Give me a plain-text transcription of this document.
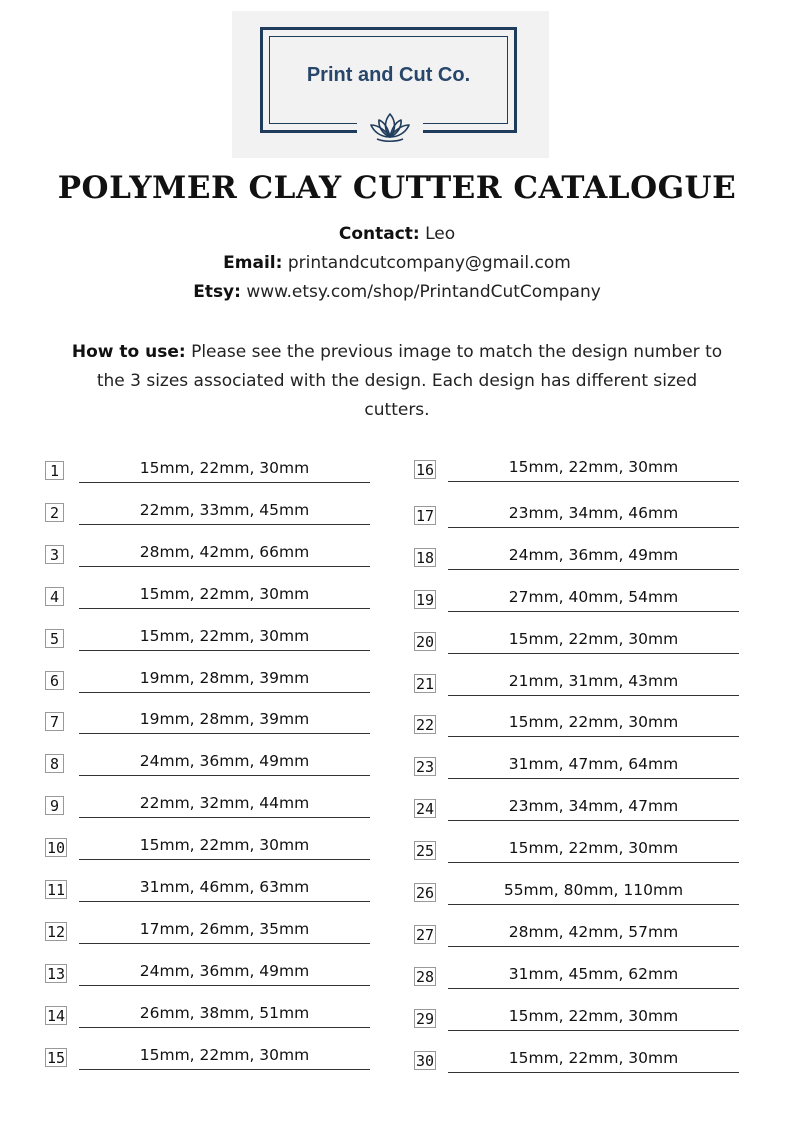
Print and Cut Co.
POLYMER CLAY CUTTER CATALOGUE
Contact: Leo
Email: printandcutcompany@gmail.com
Etsy: www.etsy.com/shop/PrintandCutCompany
How to use: Please see the previous image to match the design number to the 3 sizes associated with the design. Each design has different sized cutters.
1	15mm, 22mm, 30mm
2	22mm, 33mm, 45mm
3	28mm, 42mm, 66mm
4	15mm, 22mm, 30mm
5	15mm, 22mm, 30mm
6	19mm, 28mm, 39mm
7	19mm, 28mm, 39mm
8	24mm, 36mm, 49mm
9	22mm, 32mm, 44mm
10	15mm, 22mm, 30mm
11	31mm, 46mm, 63mm
12	17mm, 26mm, 35mm
13	24mm, 36mm, 49mm
14	26mm, 38mm, 51mm
15	15mm, 22mm, 30mm
16	15mm, 22mm, 30mm
17	23mm, 34mm, 46mm
18	24mm, 36mm, 49mm
19	27mm, 40mm, 54mm
20	15mm, 22mm, 30mm
21	21mm, 31mm, 43mm
22	15mm, 22mm, 30mm
23	31mm, 47mm, 64mm
24	23mm, 34mm, 47mm
25	15mm, 22mm, 30mm
26	55mm, 80mm, 110mm
27	28mm, 42mm, 57mm
28	31mm, 45mm, 62mm
29	15mm, 22mm, 30mm
30	15mm, 22mm, 30mm
